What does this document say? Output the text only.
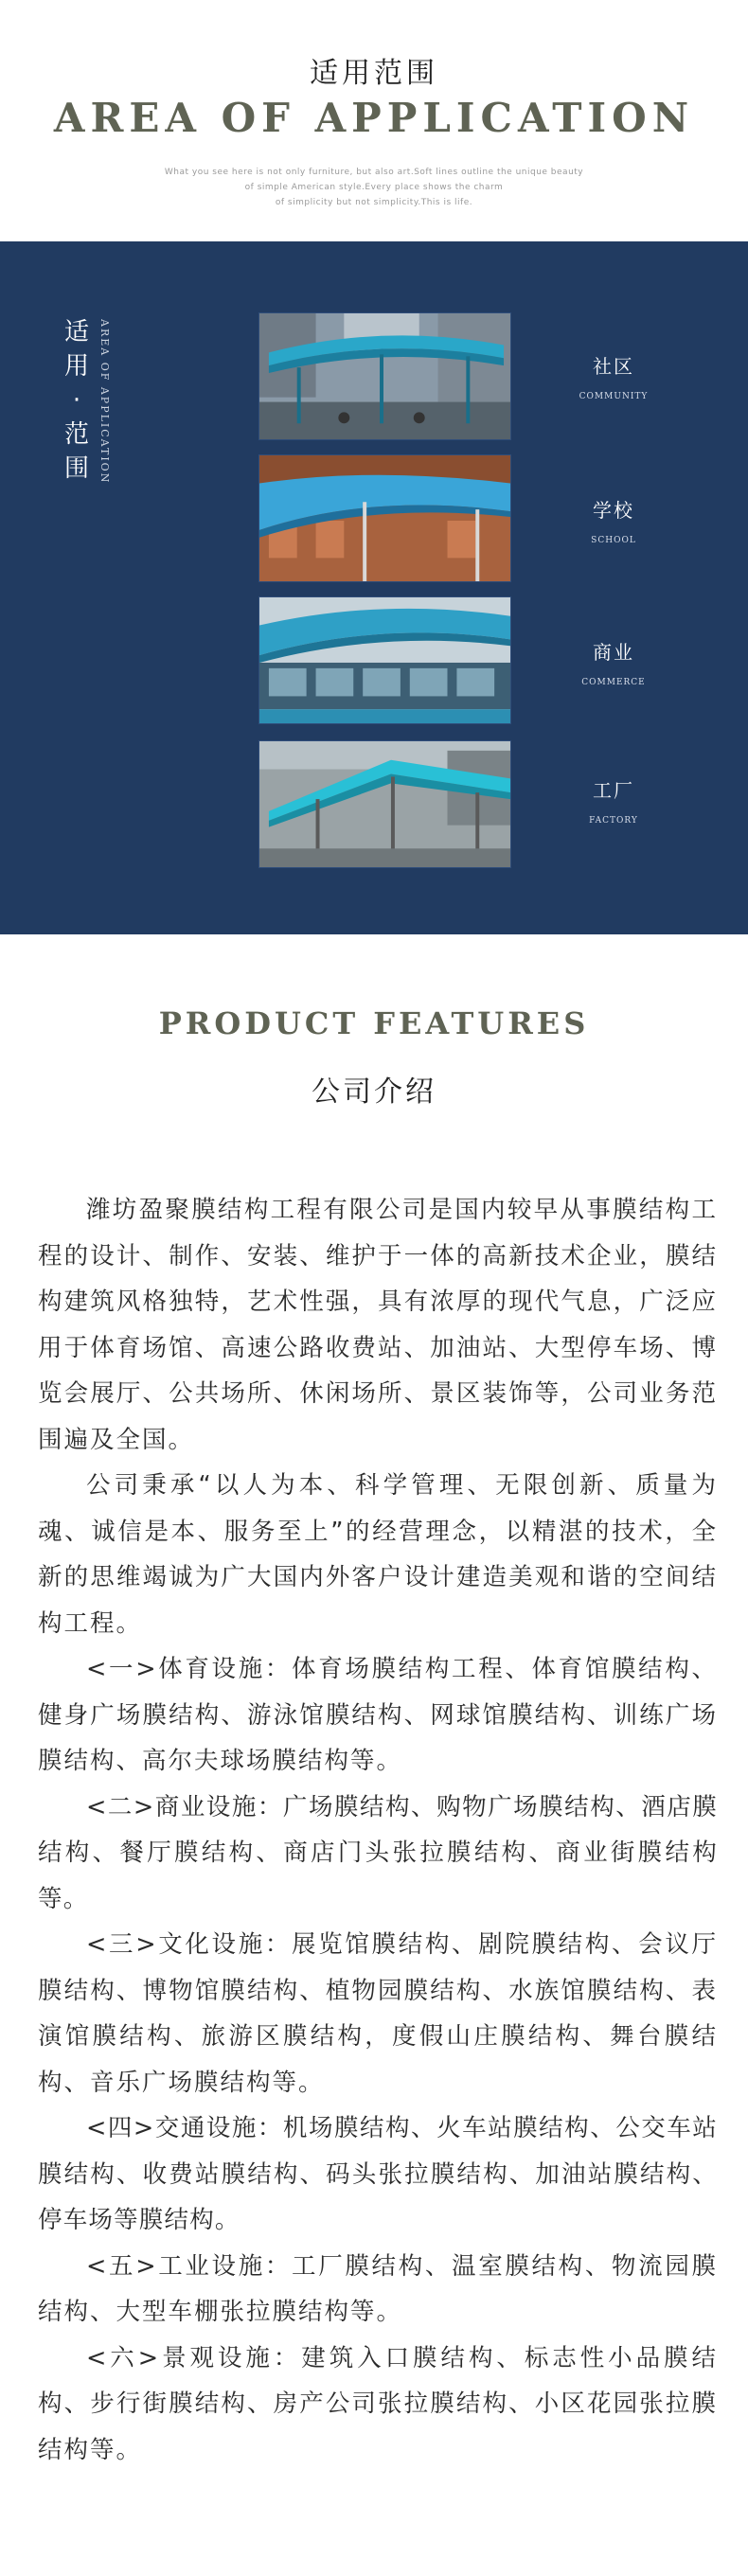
适用范围
AREA OF APPLICATION
What you see here is not only furniture, but also art.Soft lines outline the unique beauty
of simple American style.Every place shows the charm
of simplicity but not simplicity.This is life.
适
用
·
范
围 AREA OF APPLICATION	社区
COMMUNITY
学校
SCHOOL
商业
COMMERCE
工厂
FACTORY
PRODUCT FEATURES
公司介绍

潍坊盈聚膜结构工程有限公司是国内较早从事膜结构工程的设计、制作、安装、维护于一体的高新技术企业，膜结构建筑风格独特，艺术性强，具有浓厚的现代气息，广泛应用于体育场馆、高速公路收费站、加油站、大型停车场、博览会展厅、公共场所、休闲场所、景区装饰等，公司业务范围遍及全国。

公司秉承“以人为本、科学管理、无限创新、质量为魂、诚信是本、服务至上”的经营理念，以精湛的技术，全新的思维竭诚为广大国内外客户设计建造美观和谐的空间结构工程。

<一>体育设施：体育场膜结构工程、体育馆膜结构、健身广场膜结构、游泳馆膜结构、网球馆膜结构、训练广场膜结构、高尔夫球场膜结构等。

<二>商业设施：广场膜结构、购物广场膜结构、酒店膜结构、餐厅膜结构、商店门头张拉膜结构、商业街膜结构等。

<三>文化设施：展览馆膜结构、剧院膜结构、会议厅膜结构、博物馆膜结构、植物园膜结构、水族馆膜结构、表演馆膜结构、旅游区膜结构，度假山庄膜结构、舞台膜结构、音乐广场膜结构等。

<四>交通设施：机场膜结构、火车站膜结构、公交车站膜结构、收费站膜结构、码头张拉膜结构、加油站膜结构、停车场等膜结构。

<五>工业设施：工厂膜结构、温室膜结构、物流园膜结构、大型车棚张拉膜结构等。

<六>景观设施：建筑入口膜结构、标志性小品膜结构、步行街膜结构、房产公司张拉膜结构、小区花园张拉膜结构等。
